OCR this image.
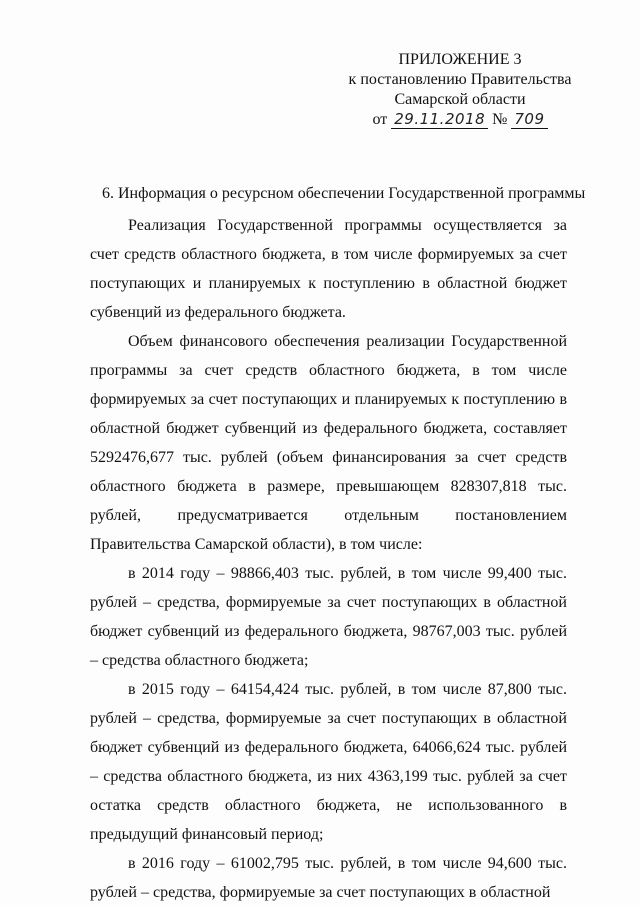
ПРИЛОЖЕНИЕ 3
к постановлению Правительства
Самарской области
от 29.11.2018 № 709
6. Информация о ресурсном обеспечении Государственной программы

Реализация Государственной программы осуществляется за счет средств областного бюджета, в том числе формируемых за счет поступающих и планируемых к поступлению в областной бюджет субвенций из федерального бюджета.

Объем финансового обеспечения реализации Государственной программы за счет средств областного бюджета, в том числе формируемых за счет поступающих и планируемых к поступлению в областной бюджет субвенций из федерального бюджета, составляет 5292476,677 тыс. рублей (объем финансирования за счет средств областного бюджета в размере, превышающем 828307,818 тыс. рублей, предусматривается отдельным постановлением Правительства Самарской области), в том числе:

в 2014 году – 98866,403 тыс. рублей, в том числе 99,400 тыс. рублей – средства, формируемые за счет поступающих в областной бюджет субвенций из федерального бюджета, 98767,003 тыс. рублей – средства областного бюджета;

в 2015 году – 64154,424 тыс. рублей, в том числе 87,800 тыс. рублей – средства, формируемые за счет поступающих в областной бюджет субвенций из федерального бюджета, 64066,624 тыс. рублей – средства областного бюджета, из них 4363,199 тыс. рублей за счет остатка средств областного бюджета, не использованного в предыдущий финансовый период;

в 2016 году – 61002,795 тыс. рублей, в том числе 94,600 тыс. рублей – средства, формируемые за счет поступающих в областной
